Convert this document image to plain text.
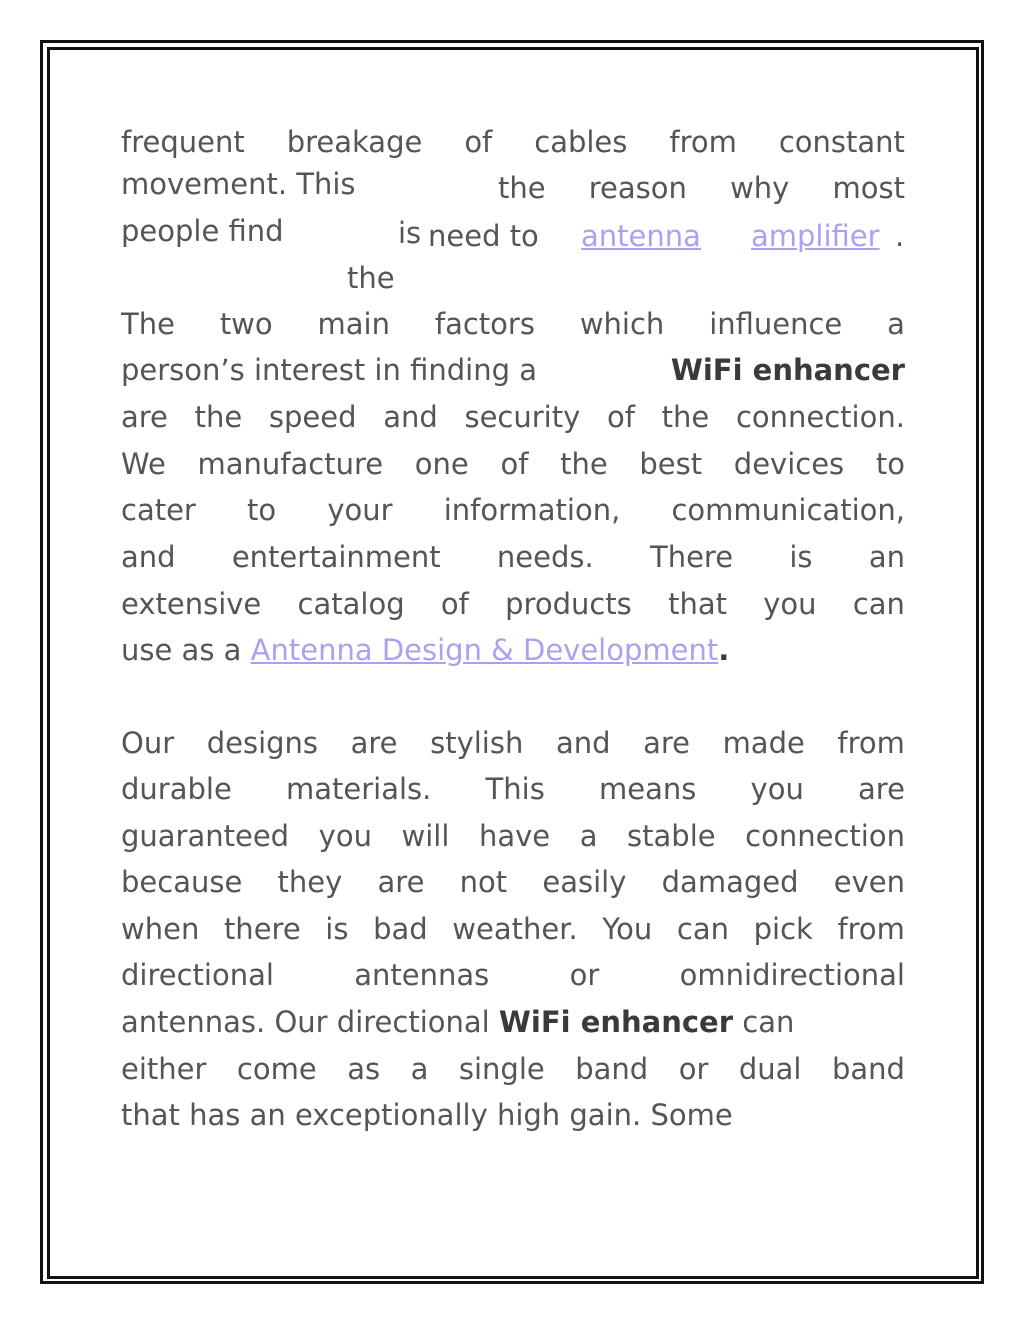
frequent breakage of cables from constant
movement. This
people find	is
the
the reason why most
need to antenna amplifier .
The two main factors which influence a
person’s interest in finding a	WiFi enhancer
are the speed and security of the connection.
We manufacture one of the best devices to
cater to your information, communication,
and entertainment needs. There is an
extensive catalog of products that you can
use as a Antenna Design & Development.
Our designs are stylish and are made from
durable materials. This means you are
guaranteed you will have a stable connection
because they are not easily damaged even
when there is bad weather. You can pick from
directional	antennas	or	omnidirectional
antennas. Our directional WiFi enhancer can
either come as a single band or dual band
that has an exceptionally high gain. Some
